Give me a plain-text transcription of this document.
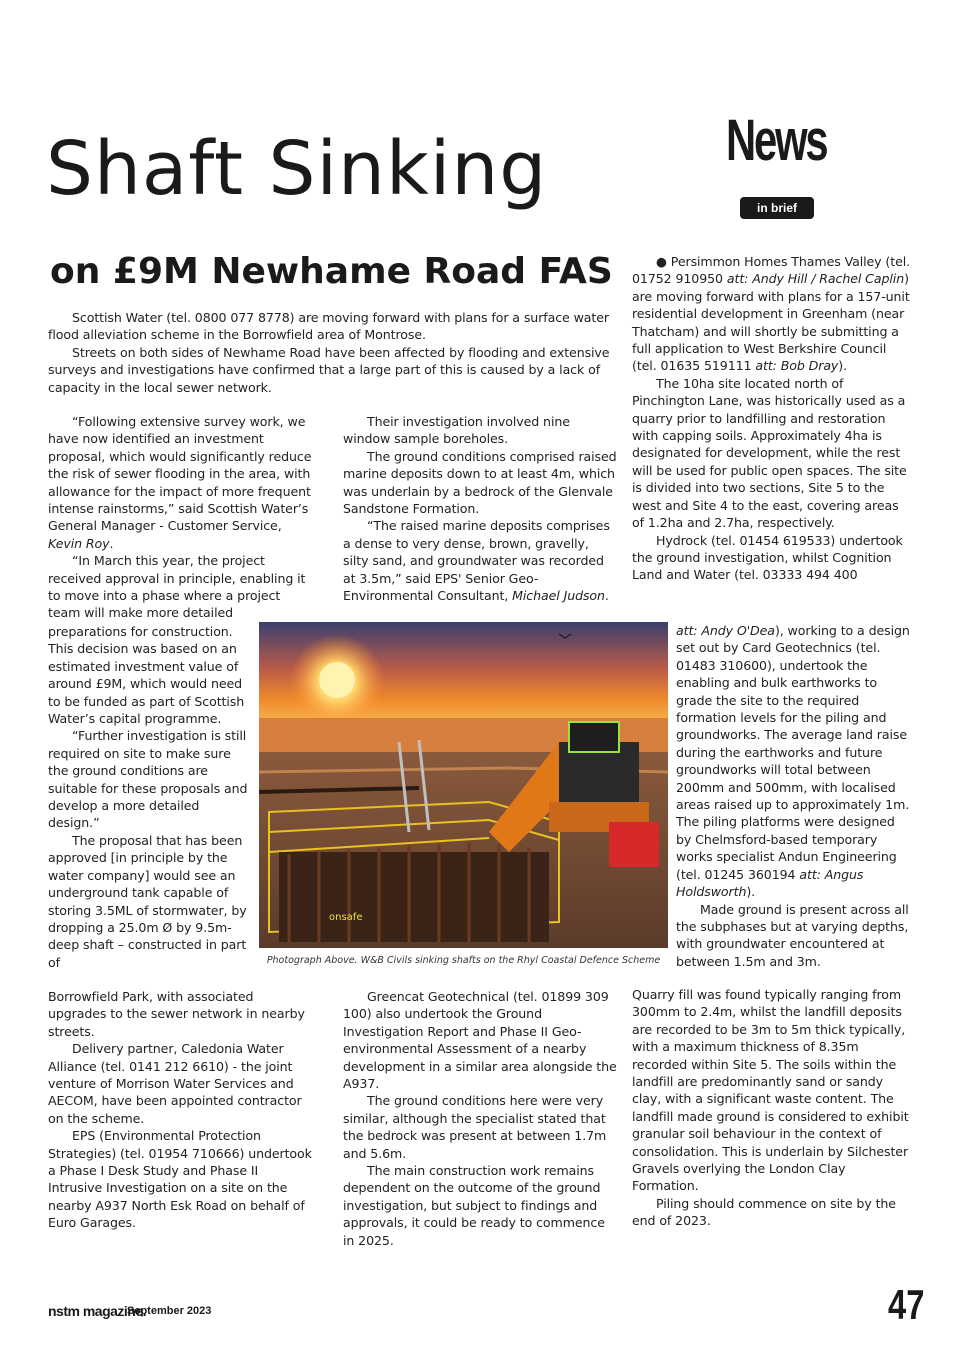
Shaft Sinking
on £9M Newhame Road FAS
News
in brief

Scottish Water (tel. 0800 077 8778) are moving forward with plans for a surface water flood alleviation scheme in the Borrowfield area of Montrose.

Streets on both sides of Newhame Road have been affected by flooding and extensive surveys and investigations have confirmed that a large part of this is caused by a lack of capacity in the local sewer network.

“Following extensive survey work, we have now identified an investment proposal, which would significantly reduce the risk of sewer flooding in the area, with allowance for the impact of more frequent intense rainstorms,” said Scottish Water’s General Manager - Customer Service, Kevin Roy.

“In March this year, the project received approval in principle, enabling it to move into a phase where a project team will make more detailed

preparations for construction. This decision was based on an estimated investment value of around £9M, which would need to be funded as part of Scottish Water’s capital programme.

“Further investigation is still required on site to make sure the ground conditions are suitable for these proposals and develop a more detailed design.”

The proposal that has been approved [in principle by the water company] would see an underground tank capable of storing 3.5ML of stormwater, by dropping a 25.0m Ø by 9.5m-deep shaft – constructed in part of

Borrowfield Park, with associated upgrades to the sewer network in nearby streets.

Delivery partner, Caledonia Water Alliance (tel. 0141 212 6610) - the joint venture of Morrison Water Services and AECOM, have been appointed contractor on the scheme.

EPS (Environmental Protection Strategies) (tel. 01954 710666) undertook a Phase I Desk Study and Phase II Intrusive Investigation on a site on the nearby A937 North Esk Road on behalf of Euro Garages.

Their investigation involved nine window sample boreholes.

The ground conditions comprised raised marine deposits down to at least 4m, which was underlain by a bedrock of the Glenvale Sandstone Formation.

“The raised marine deposits comprises a dense to very dense, brown, gravelly, silty sand, and groundwater was recorded at 3.5m,” said EPS' Senior Geo-Environmental Consultant, Michael Judson.

Greencat Geotechnical (tel. 01899 309 100) also undertook the Ground Investigation Report and Phase II Geo-environmental Assessment of a nearby development in a similar area alongside the A937.

The ground conditions here were very similar, although the specialist stated that the bedrock was present at between 1.7m and 5.6m.

The main construction work remains dependent on the outcome of the ground investigation, but subject to findings and approvals, it could be ready to commence in 2025.

● Persimmon Homes Thames Valley (tel. 01752 910950 att: Andy Hill / Rachel Caplin) are moving forward with plans for a 157-unit residential development in Greenham (near Thatcham) and will shortly be submitting a full application to West Berkshire Council (tel. 01635 519111 att: Bob Dray).

The 10ha site located north of Pinchington Lane, was historically used as a quarry prior to landfilling and restoration with capping soils. Approximately 4ha is designated for development, while the rest will be used for public open spaces. The site is divided into two sections, Site 5 to the west and Site 4 to the east, covering areas of 1.2ha and 2.7ha, respectively.

Hydrock (tel. 01454 619533) undertook the ground investigation, whilst Cognition Land and Water (tel. 03333 494 400

att: Andy O'Dea), working to a design set out by Card Geotechnics (tel. 01483 310600), undertook the enabling and bulk earthworks to grade the site to the required formation levels for the piling and groundworks. The average land raise during the earthworks and future groundworks will total between 200mm and 500mm, with localised areas raised up to approximately 1m. The piling platforms were designed by Chelmsford-based temporary works specialist Andun Engineering (tel. 01245 360194 att: Angus Holdsworth).

Made ground is present across all the subphases but at varying depths, with groundwater encountered at between 1.5m and 3m.

Quarry fill was found typically ranging from 300mm to 2.4m, whilst the landfill deposits are recorded to be 3m to 5m thick typically, with a maximum thickness of 8.35m recorded within Site 5. The soils within the landfill are predominantly sand or sandy clay, with a significant waste content. The landfill made ground is considered to exhibit granular soil behaviour in the context of consolidation. This is underlain by Silchester Gravels overlying the London Clay Formation.

Piling should commence on site by the end of 2023.

onsafe
Photograph Above. W&B Civils sinking shafts on the Rhyl Coastal Defence Scheme
nstm magazine.
September 2023	47
